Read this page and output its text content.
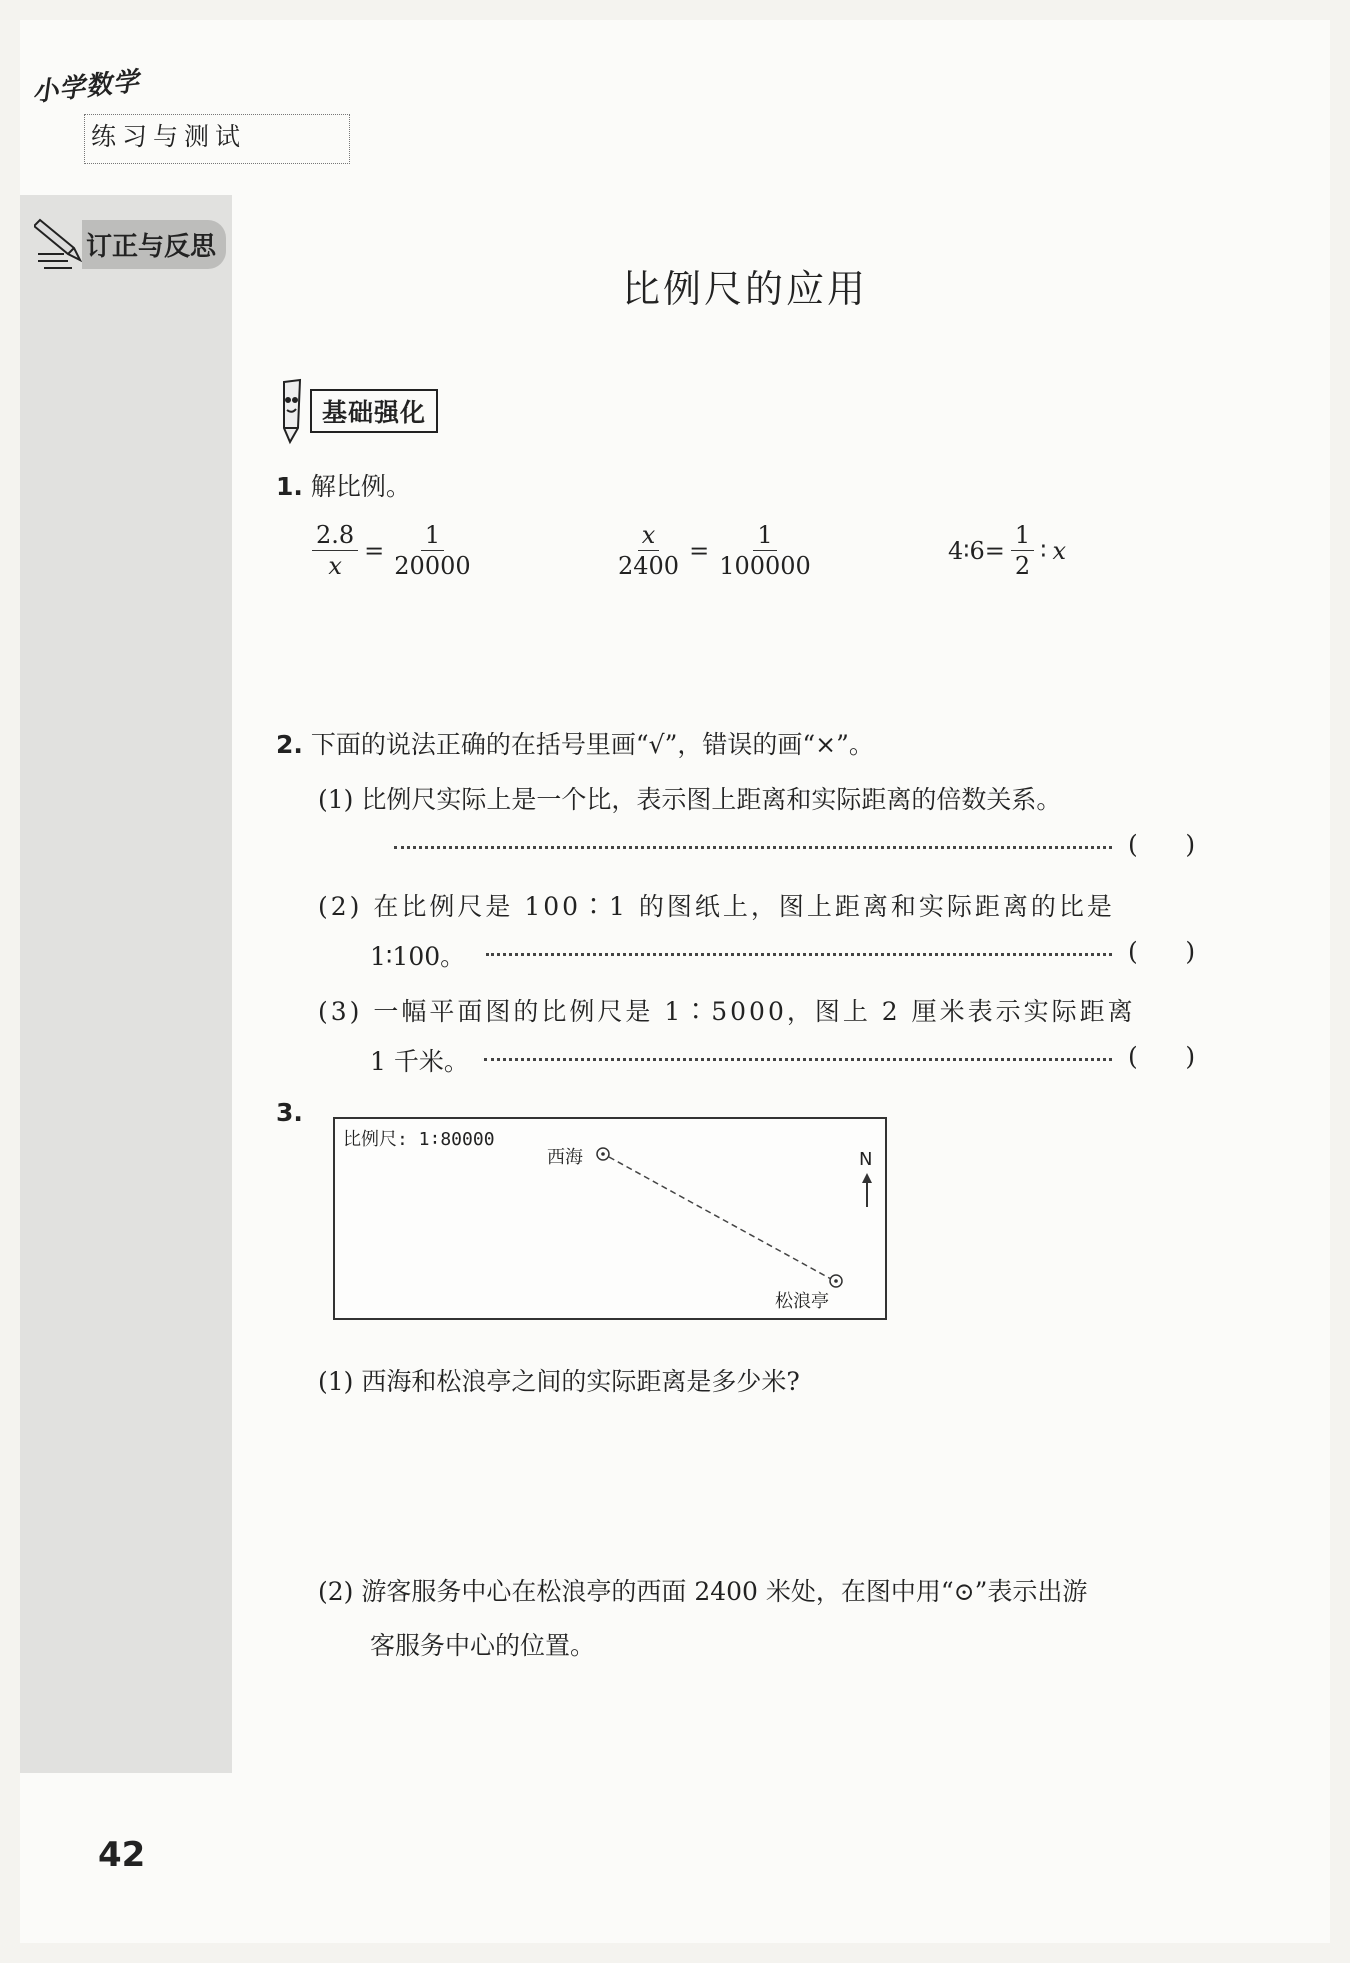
小学数学
练习与测试
订正与反思
比例尺的应用
基础强化
1. 解比例。
$\frac{2.8}{x} = \frac{1}{20000}$	$\frac{x}{2400} = \frac{1}{100000}$	4∶6= $\frac{1}{2}$ ∶ x
2. 下面的说法正确的在括号里画“√”，错误的画“×”。
(1) 比例尺实际上是一个比，表示图上距离和实际距离的倍数关系。
(      )
(2) 在比例尺是 100∶1 的图纸上，图上距离和实际距离的比是
1∶100。	(      )
(3) 一幅平面图的比例尺是 1∶5000，图上 2 厘米表示实际距离
1 千米。	(      )
3.
比例尺: 1∶80000
西海
松浪亭
N
(1) 西海和松浪亭之间的实际距离是多少米?
(2) 游客服务中心在松浪亭的西面 2400 米处，在图中用“⊙”表示出游
客服务中心的位置。
42
